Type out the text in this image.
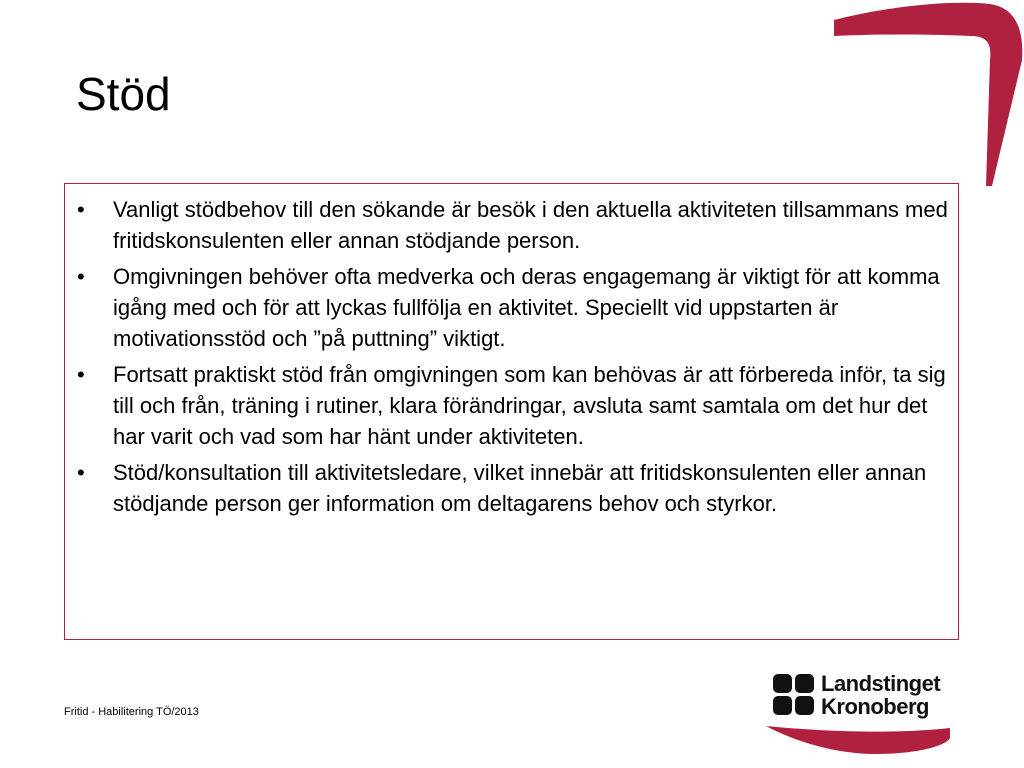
Stöd
• Vanligt stödbehov till den sökande är besök i den aktuella aktiviteten tillsammans med fritidskonsulenten eller annan stödjande person.
• Omgivningen behöver ofta medverka och deras engagemang är viktigt för att komma igång med och för att lyckas fullfölja en aktivitet. Speciellt vid uppstarten är motivationsstöd och ”på puttning” viktigt.
• Fortsatt praktiskt stöd från omgivningen som kan behövas är att förbereda inför, ta sig till och från, träning i rutiner, klara förändringar, avsluta samt samtala om det hur det har varit och vad som har hänt under aktiviteten.
• Stöd/konsultation till aktivitetsledare, vilket innebär att fritidskonsulenten eller annan stödjande person ger information om deltagarens behov och styrkor.
Fritid - Habilitering TÖ/2013
Landstinget
Kronoberg
